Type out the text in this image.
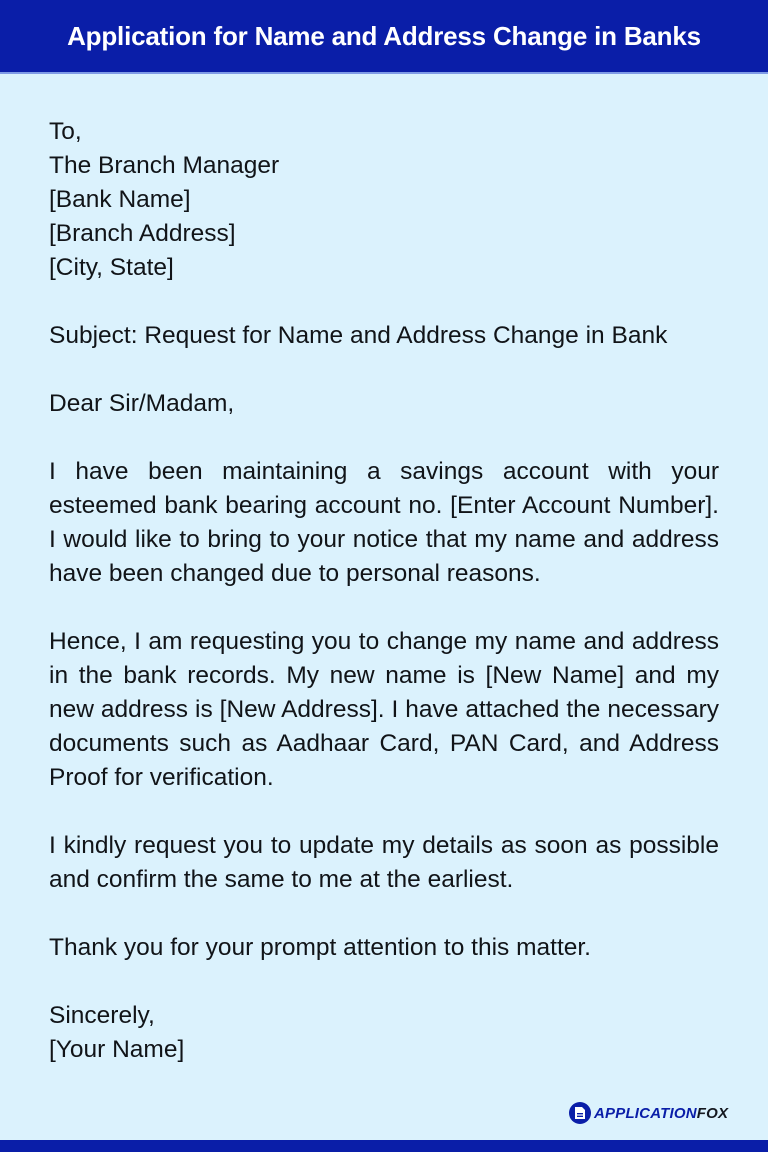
Application for Name and Address Change in Banks
To,
The Branch Manager
[Bank Name]
[Branch Address]
[City, State]
Subject: Request for Name and Address Change in Bank
Dear Sir/Madam,

I have been maintaining a savings account with your esteemed bank bearing account no. [Enter Account Number]. I would like to bring to your notice that my name and address have been changed due to personal reasons.

Hence, I am requesting you to change my name and address in the bank records. My new name is [New Name] and my new address is [New Address]. I have attached the necessary documents such as Aadhaar Card, PAN Card, and Address Proof for verification.

I kindly request you to update my details as soon as possible and confirm the same to me at the earliest.

Thank you for your prompt attention to this matter.

Sincerely,
[Your Name]
APPLICATIONFOX
